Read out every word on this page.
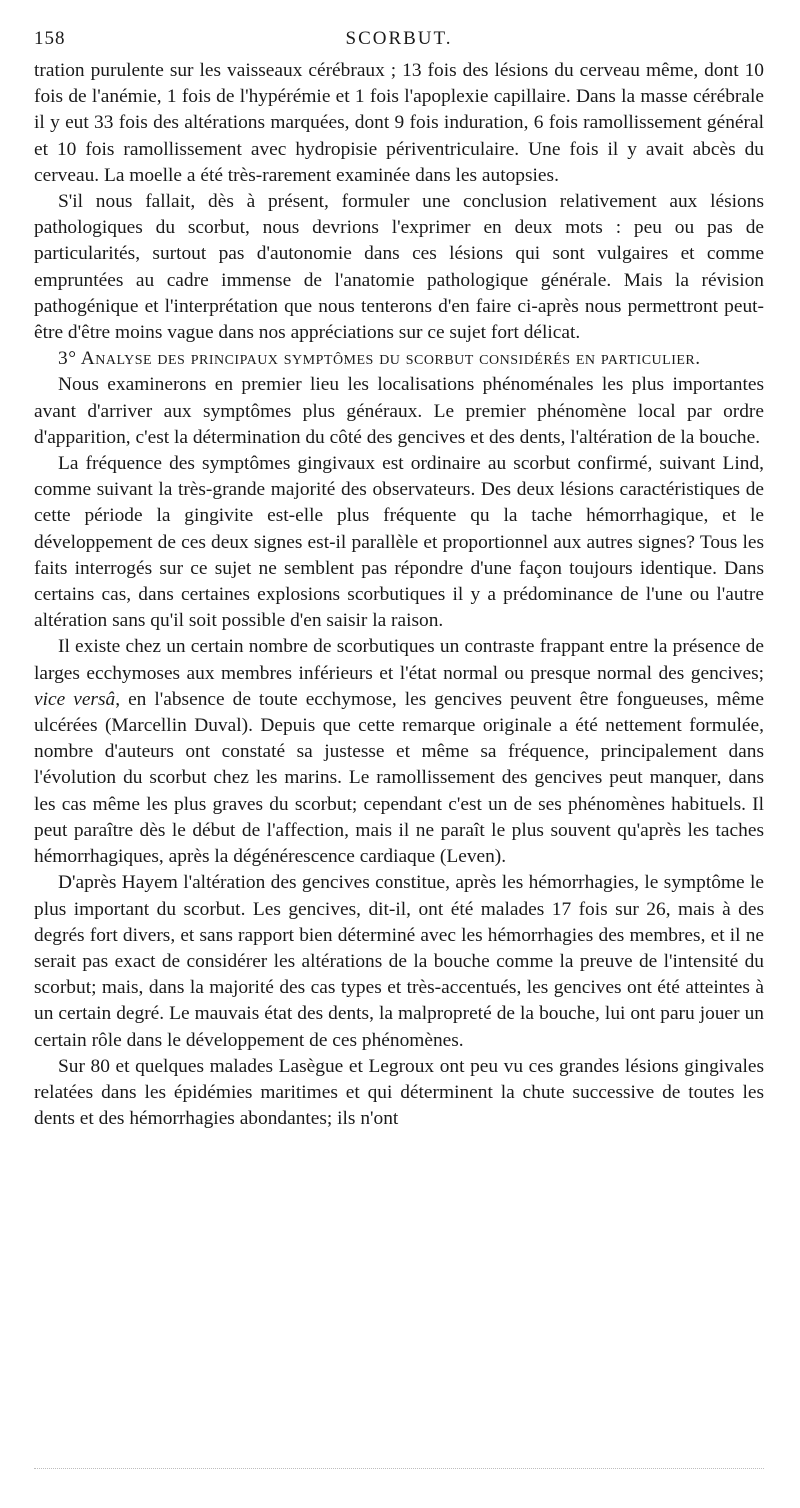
158	SCORBUT.

tration purulente sur les vaisseaux cérébraux ; 13 fois des lésions du cerveau même, dont 10 fois de l'anémie, 1 fois de l'hypérémie et 1 fois l'apoplexie capillaire. Dans la masse cérébrale il y eut 33 fois des altérations marquées, dont 9 fois induration, 6 fois ramollissement général et 10 fois ramollissement avec hydropisie périventriculaire. Une fois il y avait abcès du cerveau. La moelle a été très-rarement examinée dans les autopsies.

S'il nous fallait, dès à présent, formuler une conclusion relativement aux lésions pathologiques du scorbut, nous devrions l'exprimer en deux mots : peu ou pas de particularités, surtout pas d'autonomie dans ces lésions qui sont vulgaires et comme empruntées au cadre immense de l'anatomie pathologique générale. Mais la révision pathogénique et l'interprétation que nous tenterons d'en faire ci-après nous permettront peut-être d'être moins vague dans nos appréciations sur ce sujet fort délicat.

3° Analyse des principaux symptômes du scorbut considérés en particulier.

Nous examinerons en premier lieu les localisations phénoménales les plus importantes avant d'arriver aux symptômes plus généraux. Le premier phénomène local par ordre d'apparition, c'est la détermination du côté des gencives et des dents, l'altération de la bouche.

La fréquence des symptômes gingivaux est ordinaire au scorbut confirmé, suivant Lind, comme suivant la très-grande majorité des observateurs. Des deux lésions caractéristiques de cette période la gingivite est-elle plus fréquente qu la tache hémorrhagique, et le développement de ces deux signes est-il parallèle et proportionnel aux autres signes? Tous les faits interrogés sur ce sujet ne semblent pas répondre d'une façon toujours identique. Dans certains cas, dans certaines explosions scorbutiques il y a prédominance de l'une ou l'autre altération sans qu'il soit possible d'en saisir la raison.

Il existe chez un certain nombre de scorbutiques un contraste frappant entre la présence de larges ecchymoses aux membres inférieurs et l'état normal ou presque normal des gencives; vice versâ, en l'absence de toute ecchymose, les gencives peuvent être fongueuses, même ulcérées (Marcellin Duval). Depuis que cette remarque originale a été nettement formulée, nombre d'auteurs ont constaté sa justesse et même sa fréquence, principalement dans l'évolution du scorbut chez les marins. Le ramollissement des gencives peut manquer, dans les cas même les plus graves du scorbut; cependant c'est un de ses phénomènes habituels. Il peut paraître dès le début de l'affection, mais il ne paraît le plus souvent qu'après les taches hémorrhagiques, après la dégénérescence cardiaque (Leven).

D'après Hayem l'altération des gencives constitue, après les hémorrhagies, le symptôme le plus important du scorbut. Les gencives, dit-il, ont été malades 17 fois sur 26, mais à des degrés fort divers, et sans rapport bien déterminé avec les hémorrhagies des membres, et il ne serait pas exact de considérer les altérations de la bouche comme la preuve de l'intensité du scorbut; mais, dans la majorité des cas types et très-accentués, les gencives ont été atteintes à un certain degré. Le mauvais état des dents, la malpropreté de la bouche, lui ont paru jouer un certain rôle dans le développement de ces phénomènes.

Sur 80 et quelques malades Lasègue et Legroux ont peu vu ces grandes lésions gingivales relatées dans les épidémies maritimes et qui déterminent la chute successive de toutes les dents et des hémorrhagies abondantes; ils n'ont
